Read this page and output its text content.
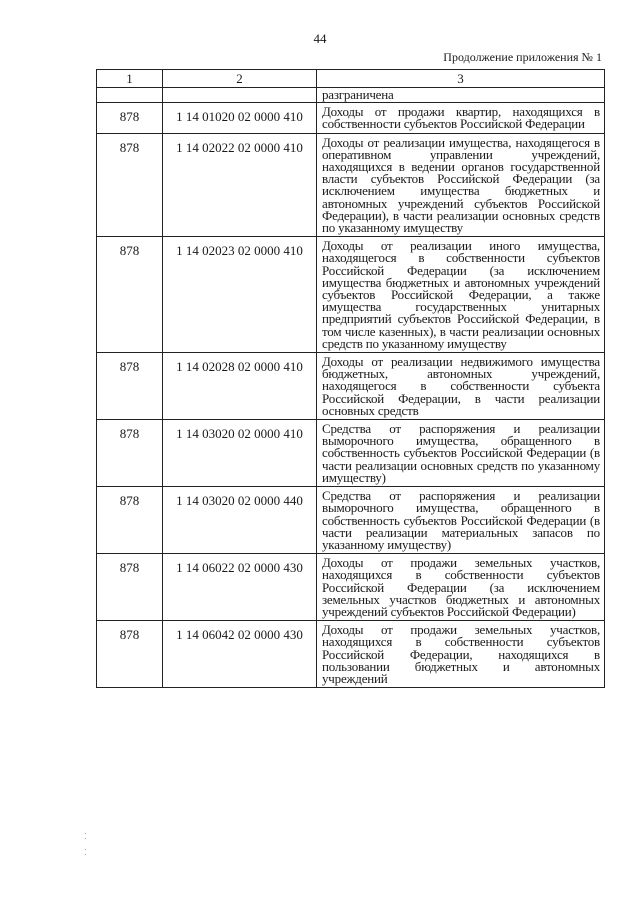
44
Продолжение приложения № 1
1	2	3
		разграничена
878	1 14 01020 02 0000 410	Доходы от продажи квартир, находящихся в собственности субъектов Российской Федерации
878	1 14 02022 02 0000 410	Доходы от реализации имущества, находящегося в оперативном управлении учреждений, находящихся в ведении органов государственной власти субъектов Российской Федерации (за исключением имущества бюджетных и автономных учреждений субъектов Российской Федерации), в части реализации основных средств по указанному имуществу
878	1 14 02023 02 0000 410	Доходы от реализации иного имущества, находящегося в собственности субъектов Российской Федерации (за исключением имущества бюджетных и автономных учреждений субъектов Российской Федерации, а также имущества государственных унитарных предприятий субъектов Российской Федерации, в том числе казенных), в части реализации основных средств по указанному имуществу
878	1 14 02028 02 0000 410	Доходы от реализации недвижимого имущества бюджетных, автономных учреждений, находящегося в собственности субъекта Российской Федерации, в части реализации основных средств
878	1 14 03020 02 0000 410	Средства от распоряжения и реализации выморочного имущества, обращенного в собственность субъектов Российской Федерации (в части реализации основных средств по указанному имуществу)
878	1 14 03020 02 0000 440	Средства от распоряжения и реализации выморочного имущества, обращенного в собственность субъектов Российской Федерации (в части реализации материальных запасов по указанному имуществу)
878	1 14 06022 02 0000 430	Доходы от продажи земельных участков, находящихся в собственности субъектов Российской Федерации (за исключением земельных участков бюджетных и автономных учреждений субъектов Российской Федерации)
878	1 14 06042 02 0000 430	Доходы от продажи земельных участков, находящихся в собственности субъектов Российской Федерации, находящихся в пользовании бюджетных и автономных учреждений
⁚
⁚
